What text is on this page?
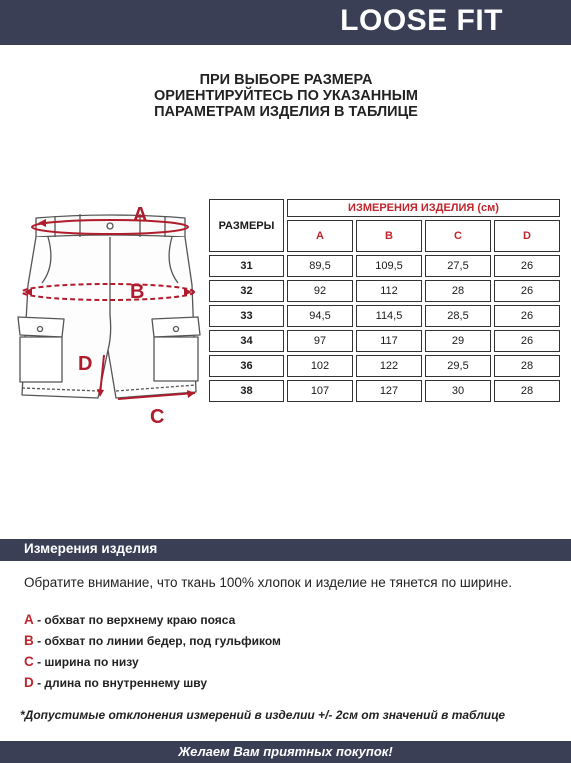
LOOSE FIT
ПРИ ВЫБОРЕ РАЗМЕРА
ОРИЕНТИРУЙТЕСЬ ПО УКАЗАННЫМ
ПАРАМЕТРАМ ИЗДЕЛИЯ В ТАБЛИЦЕ
A
B
C
D
РАЗМЕРЫ	ИЗМЕРЕНИЯ ИЗДЕЛИЯ (см)			
	A	B	C	D
31	89,5	109,5	27,5	26
32	92	112	28	26
33	94,5	114,5	28,5	26
34	97	117	29	26
36	102	122	29,5	28
38	107	127	30	28
Измерения изделия
Обратите внимание, что ткань 100% хлопок и изделие не тянется по ширине.
A - обхват по верхнему краю пояса
B - обхват по линии бедер, под гульфиком
C - ширина по низу
D - длина по внутреннему шву
*Допустимые отклонения измерений в изделии +/- 2см от значений в таблице
Желаем Вам приятных покупок!
